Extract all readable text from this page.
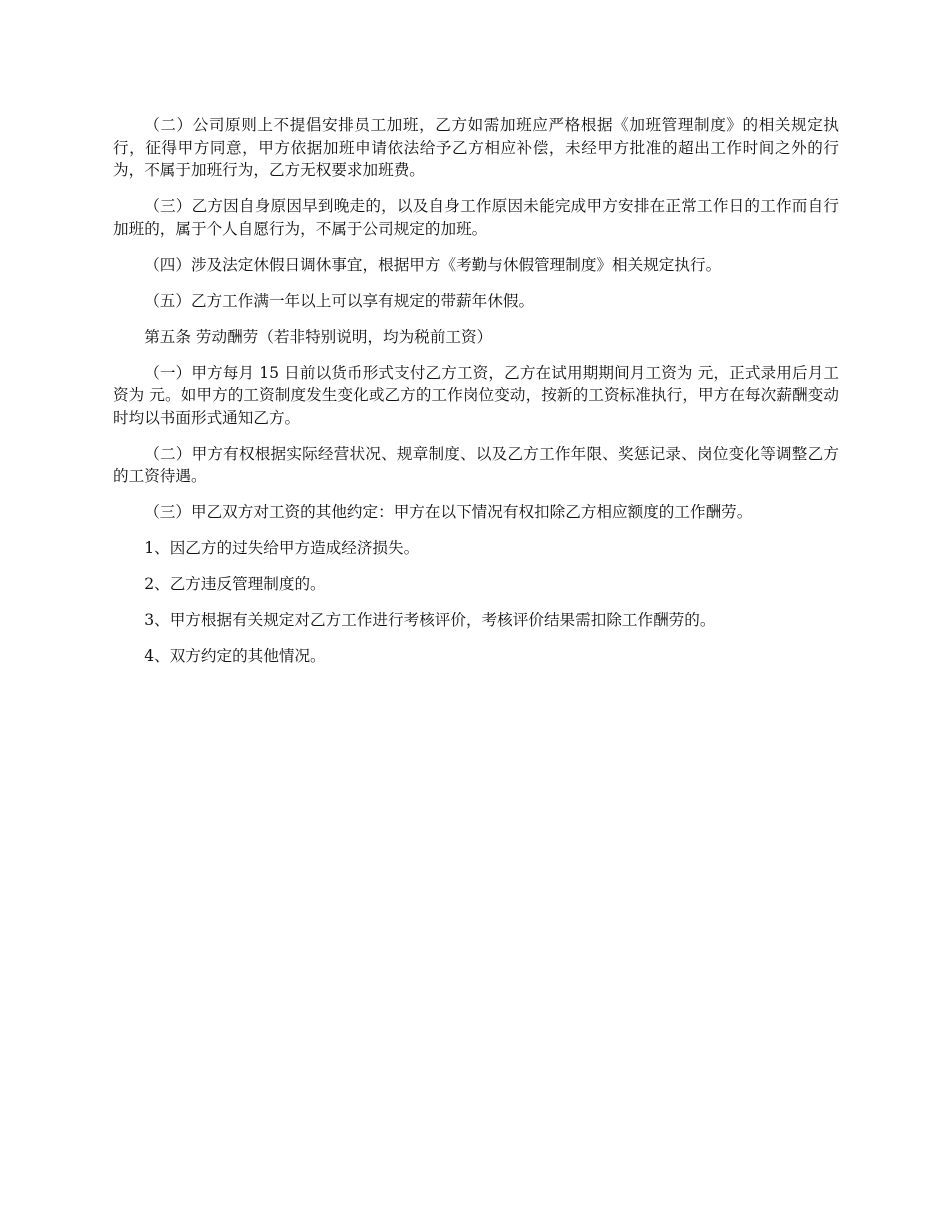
（二）公司原则上不提倡安排员工加班，乙方如需加班应严格根据《加班管理制度》的相关规定执行，征得甲方同意，甲方依据加班申请依法给予乙方相应补偿，未经甲方批准的超出工作时间之外的行为，不属于加班行为，乙方无权要求加班费。

（三）乙方因自身原因早到晚走的，以及自身工作原因未能完成甲方安排在正常工作日的工作而自行加班的，属于个人自愿行为，不属于公司规定的加班。

（四）涉及法定休假日调休事宜，根据甲方《考勤与休假管理制度》相关规定执行。

（五）乙方工作满一年以上可以享有规定的带薪年休假。

第五条 劳动酬劳（若非特别说明，均为税前工资）

（一）甲方每月 15 日前以货币形式支付乙方工资，乙方在试用期期间月工资为 元，正式录用后月工资为 元。如甲方的工资制度发生变化或乙方的工作岗位变动，按新的工资标准执行，甲方在每次薪酬变动时均以书面形式通知乙方。

（二）甲方有权根据实际经营状况、规章制度、以及乙方工作年限、奖惩记录、岗位变化等调整乙方的工资待遇。

（三）甲乙双方对工资的其他约定：甲方在以下情况有权扣除乙方相应额度的工作酬劳。

1、因乙方的过失给甲方造成经济损失。

2、乙方违反管理制度的。

3、甲方根据有关规定对乙方工作进行考核评价，考核评价结果需扣除工作酬劳的。

4、双方约定的其他情况。
